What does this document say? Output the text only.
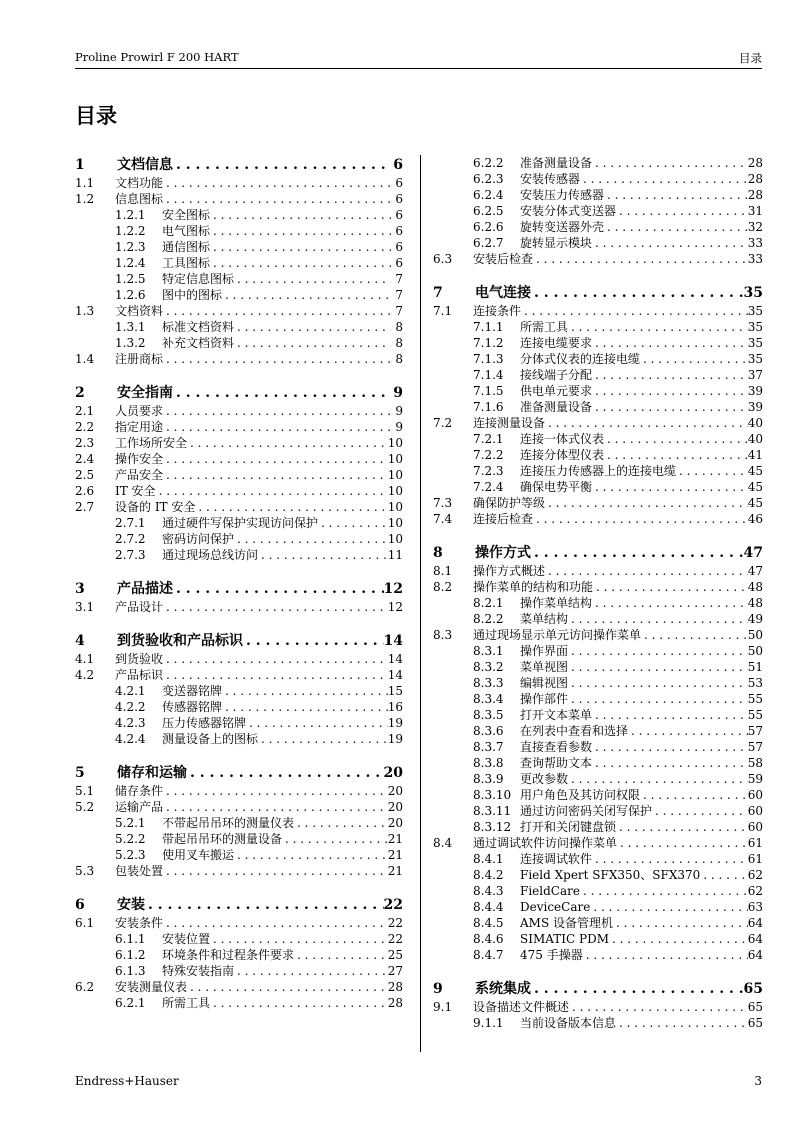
Proline Prowirl F 200 HART	目录
目录
1 文档信息 . . .	6
1.1 文档功能 . . .	6
1.2 信息图标 . . .	6
1.2.1 安全图标 . . .	6
1.2.2 电气图标 . . .	6
1.2.3 通信图标 . . .	6
1.2.4 工具图标 . . .	6
1.2.5 特定信息图标 . . .	7
1.2.6 图中的图标 . . .	7
1.3 文档资料 . . .	7
1.3.1 标准文档资料 . . .	8
1.3.2 补充文档资料 . . .	8
1.4 注册商标 . . .	8
2 安全指南 . . .	9
2.1 人员要求 . . .	9
2.2 指定用途 . . .	9
2.3 工作场所安全 . . .	10
2.4 操作安全 . . .	10
2.5 产品安全 . . .	10
2.6 IT 安全 . . .	10
2.7 设备的 IT 安全 . . .	10
2.7.1 通过硬件写保护实现访问保护 . . .	10
2.7.2 密码访问保护 . . .	10
2.7.3 通过现场总线访问 . . .	11
3 产品描述 . . .	12
3.1 产品设计 . . .	12
4 到货验收和产品标识 . . .	14
4.1 到货验收 . . .	14
4.2 产品标识 . . .	14
4.2.1 变送器铭牌 . . .	15
4.2.2 传感器铭牌 . . .	16
4.2.3 压力传感器铭牌 . . .	19
4.2.4 测量设备上的图标 . . .	19
5 储存和运输 . . .	20
5.1 储存条件 . . .	20
5.2 运输产品 . . .	20
5.2.1 不带起吊吊环的测量仪表 . . .	20
5.2.2 带起吊吊环的测量设备 . . .	21
5.2.3 使用叉车搬运 . . .	21
5.3 包装处置 . . .	21
6 安装 . . .	22
6.1 安装条件 . . .	22
6.1.1 安装位置 . . .	22
6.1.2 环境条件和过程条件要求 . . .	25
6.1.3 特殊安装指南 . . .	27
6.2 安装测量仪表 . . .	28
6.2.1 所需工具 . . .	28
6.2.2 准备测量设备 . . .	28
6.2.3 安装传感器 . . .	28
6.2.4 安装压力传感器 . . .	28
6.2.5 安装分体式变送器 . . .	31
6.2.6 旋转变送器外壳 . . .	32
6.2.7 旋转显示模块 . . .	33
6.3 安装后检查 . . .	33
7 电气连接 . . .	35
7.1 连接条件 . . .	35
7.1.1 所需工具 . . .	35
7.1.2 连接电缆要求 . . .	35
7.1.3 分体式仪表的连接电缆 . . .	35
7.1.4 接线端子分配 . . .	37
7.1.5 供电单元要求 . . .	39
7.1.6 准备测量设备 . . .	39
7.2 连接测量设备 . . .	40
7.2.1 连接一体式仪表 . . .	40
7.2.2 连接分体型仪表 . . .	41
7.2.3 连接压力传感器上的连接电缆 . . .	45
7.2.4 确保电势平衡 . . .	45
7.3 确保防护等级 . . .	45
7.4 连接后检查 . . .	46
8 操作方式 . . .	47
8.1 操作方式概述 . . .	47
8.2 操作菜单的结构和功能 . . .	48
8.2.1 操作菜单结构 . . .	48
8.2.2 菜单结构 . . .	49
8.3 通过现场显示单元访问操作菜单 . . .	50
8.3.1 操作界面 . . .	50
8.3.2 菜单视图 . . .	51
8.3.3 编辑视图 . . .	53
8.3.4 操作部件 . . .	55
8.3.5 打开文本菜单 . . .	55
8.3.6 在列表中查看和选择 . . .	57
8.3.7 直接查看参数 . . .	57
8.3.8 查询帮助文本 . . .	58
8.3.9 更改参数 . . .	59
8.3.10 用户角色及其访问权限 . . .	60
8.3.11 通过访问密码关闭写保护 . . .	60
8.3.12 打开和关闭键盘锁 . . .	60
8.4 通过调试软件访问操作菜单 . . .	61
8.4.1 连接调试软件 . . .	61
8.4.2 Field Xpert SFX350、SFX370 . . .	62
8.4.3 FieldCare . . .	62
8.4.4 DeviceCare . . .	63
8.4.5 AMS 设备管理机 . . .	64
8.4.6 SIMATIC PDM . . .	64
8.4.7 475 手操器 . . .	64
9 系统集成 . . .	65
9.1 设备描述文件概述 . . .	65
9.1.1 当前设备版本信息 . . .	65
Endress+Hauser	3
